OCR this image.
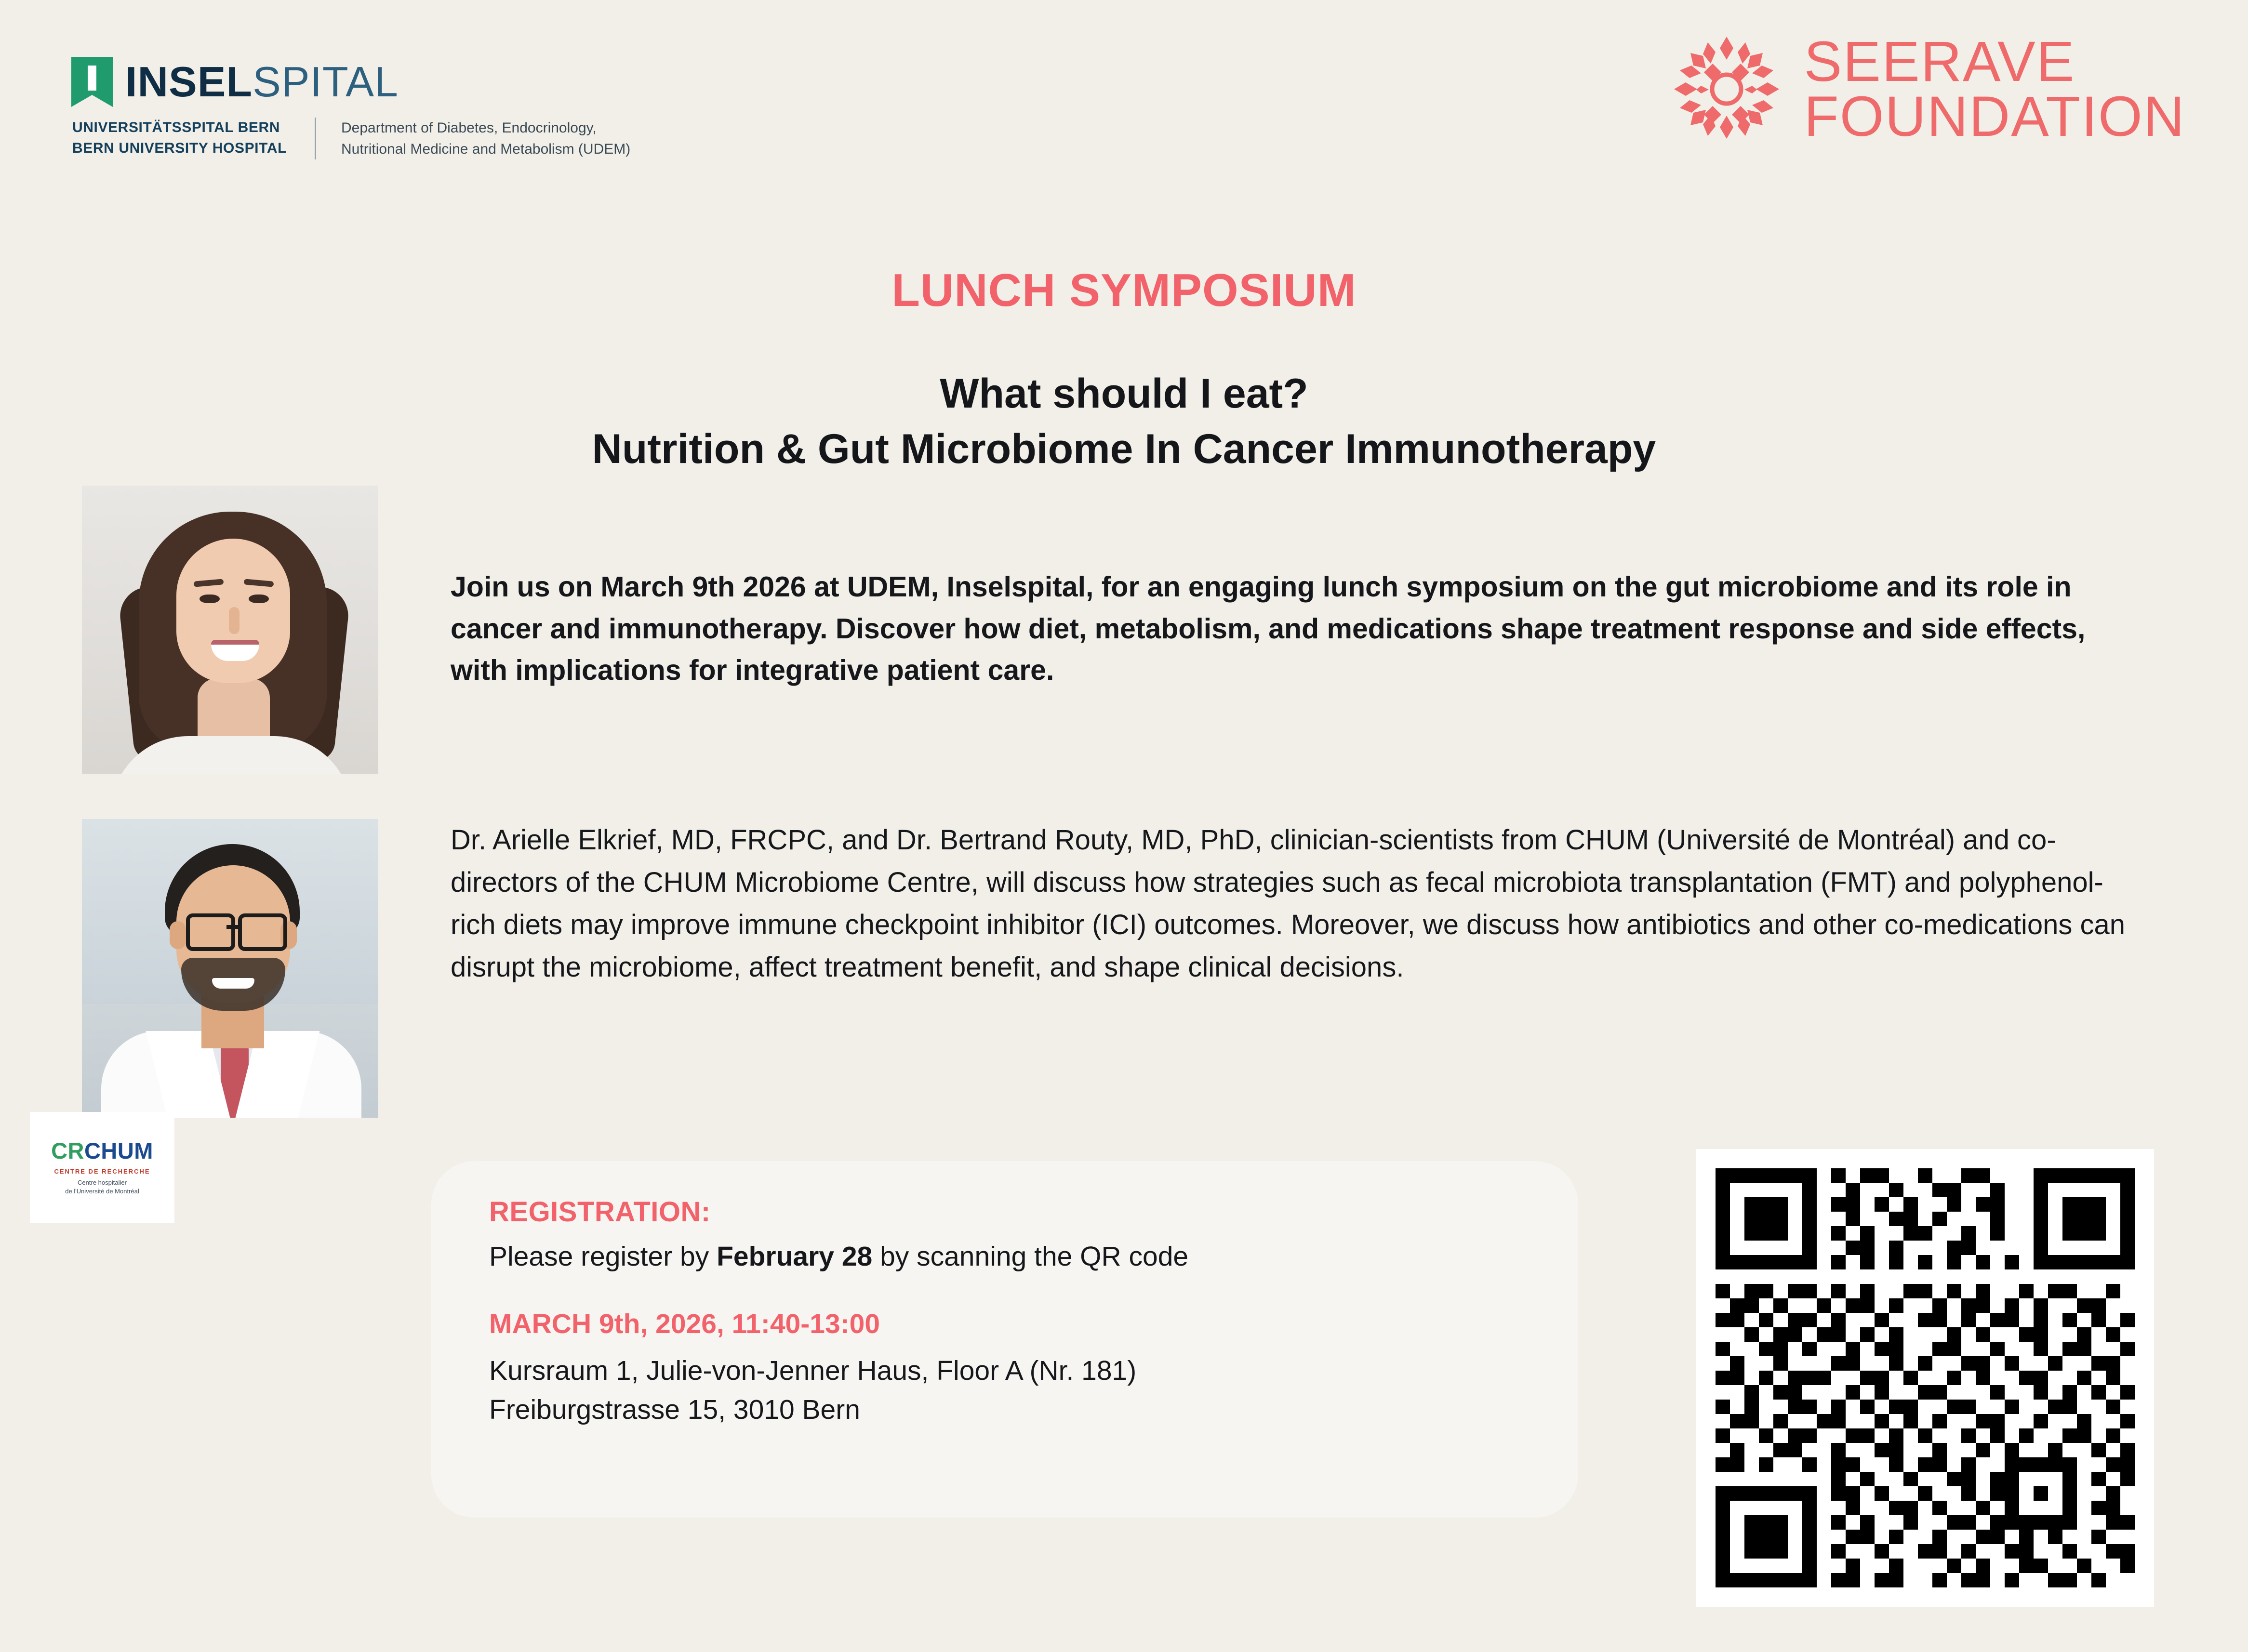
INSELSPITAL
UNIVERSITÄTSSPITAL BERN
BERN UNIVERSITY HOSPITAL
Department of Diabetes, Endocrinology,
Nutritional Medicine and Metabolism (UDEM)
SEERAVE
FOUNDATION
LUNCH SYMPOSIUM
What should I eat?
Nutrition & Gut Microbiome In Cancer Immunotherapy
CRCHUM
CENTRE DE RECHERCHE
Centre hospitalier
de l'Université de Montréal
Join us on March 9th 2026 at UDEM, Inselspital, for an engaging lunch symposium on the gut microbiome and its role in cancer and immunotherapy. Discover how diet, metabolism, and medications shape treatment response and side effects, with implications for integrative patient care.
Dr. Arielle Elkrief, MD, FRCPC, and Dr. Bertrand Routy, MD, PhD, clinician-scientists from CHUM (Université de Montréal) and co-directors of the CHUM Microbiome Centre, will discuss how strategies such as fecal microbiota transplantation (FMT) and polyphenol-rich diets may improve immune checkpoint inhibitor (ICI) outcomes. Moreover, we discuss how antibiotics and other co-medications can disrupt the microbiome, affect treatment benefit, and shape clinical decisions.
REGISTRATION:
Please register by February 28 by scanning the QR code
MARCH 9th, 2026, 11:40-13:00
Kursraum 1, Julie-von-Jenner Haus, Floor A (Nr. 181)
Freiburgstrasse 15, 3010 Bern
